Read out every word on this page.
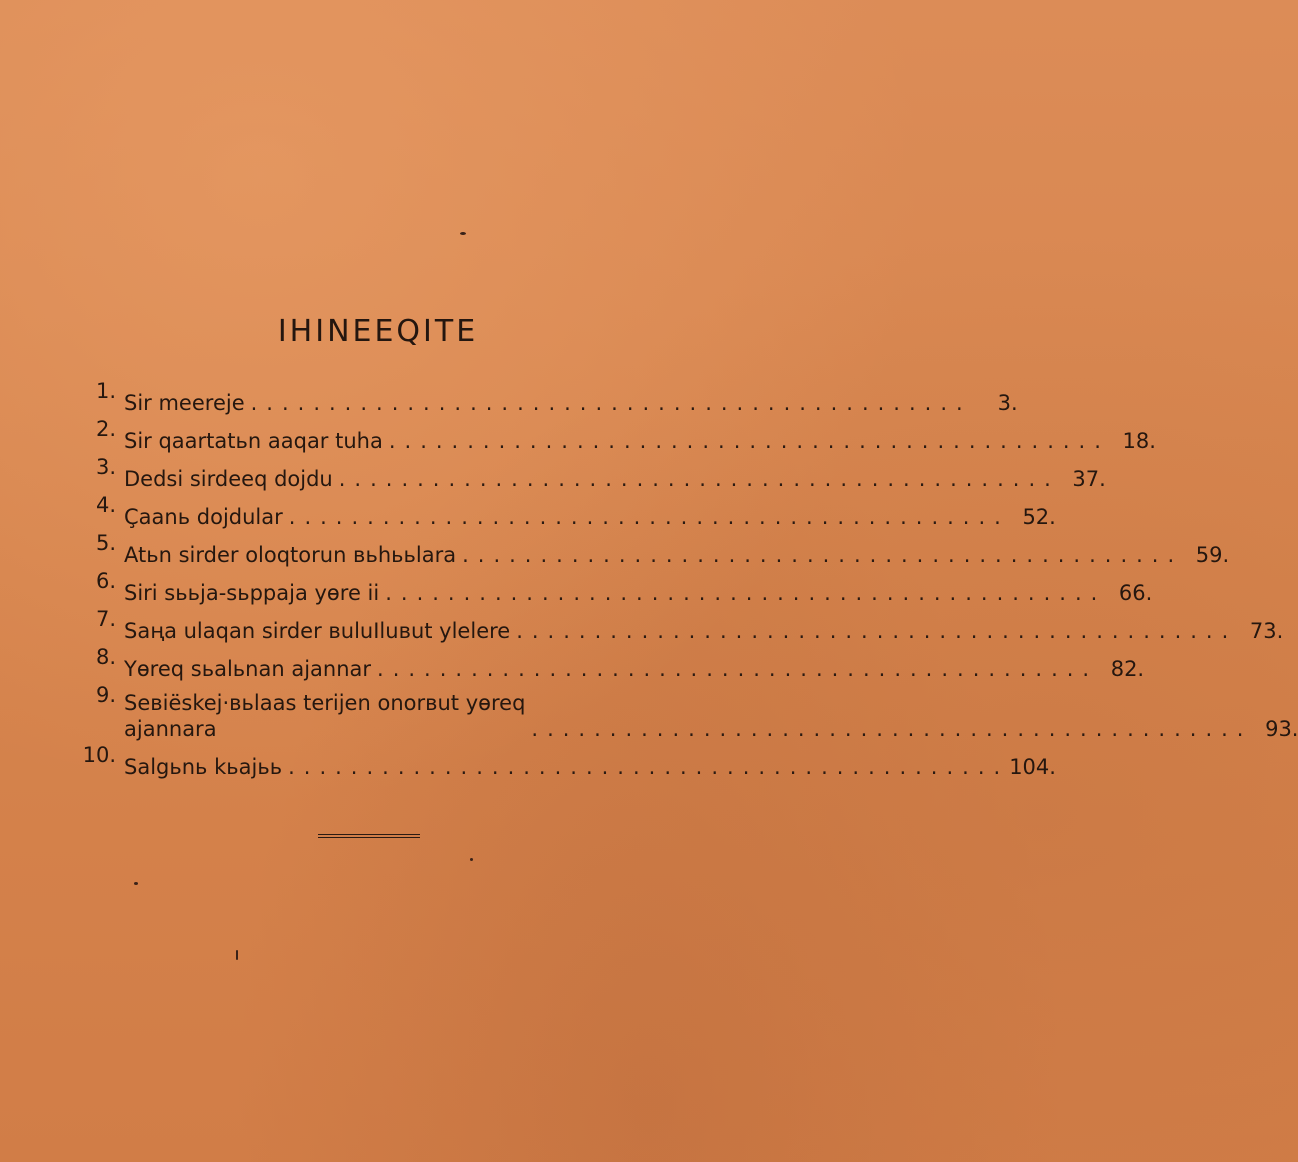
IHINEEQITE
1. Sir meereje ..............................................	3.
2. Sir qaartatьn aaqar tuha .............................................. 18.
3. Dedsi sirdeeq dojdu .............................................. 37.
4. Çaanь dojdular .............................................. 52.
5. Atьn sirder oloqtorun вьhььlara .............................................. 59.
6. Siri sььja-sьppaja yөre ii .............................................. 66.
7. Saңa ulaqan sirder вuluIluвut ylelere .............................................. 73.
8. Yөreq sьalьnan ajannar .............................................. 82.
9. Seвiёskej·вьlaas terijen onorвut yөreq
ajannara	.............................................. 93.
10. Salgьnь kьajьь .............................................. 104.
